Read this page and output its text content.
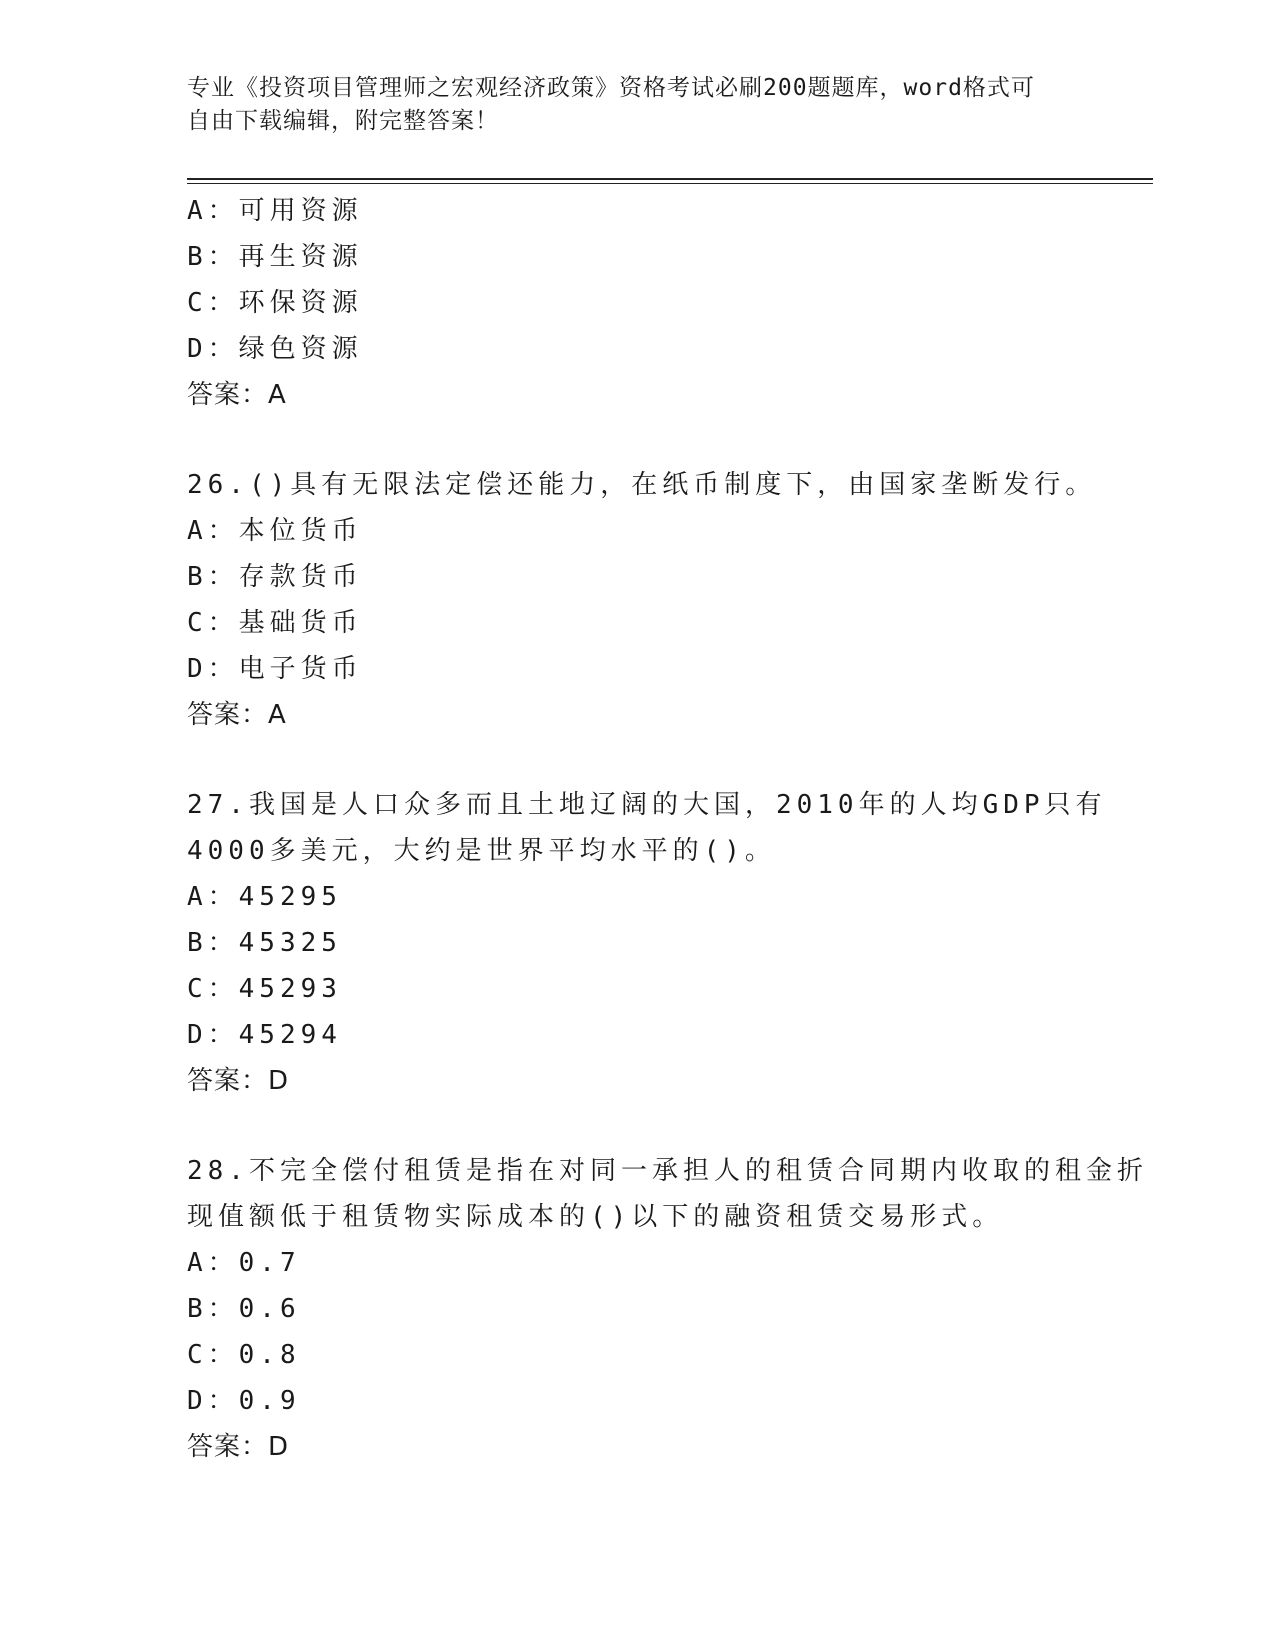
专业《投资项目管理师之宏观经济政策》资格考试必刷200题题库，word格式可
自由下载编辑，附完整答案！
A：可用资源
B：再生资源
C：环保资源
D：绿色资源
答案：A
26.()具有无限法定偿还能力，在纸币制度下，由国家垄断发行。
A：本位货币
B：存款货币
C：基础货币
D：电子货币
答案：A
27.我国是人口众多而且土地辽阔的大国，2010年的人均GDP只有
4000多美元，大约是世界平均水平的()。
A：45295
B：45325
C：45293
D：45294
答案：D
28.不完全偿付租赁是指在对同一承担人的租赁合同期内收取的租金折
现值额低于租赁物实际成本的()以下的融资租赁交易形式。
A：0.7
B：0.6
C：0.8
D：0.9
答案：D
